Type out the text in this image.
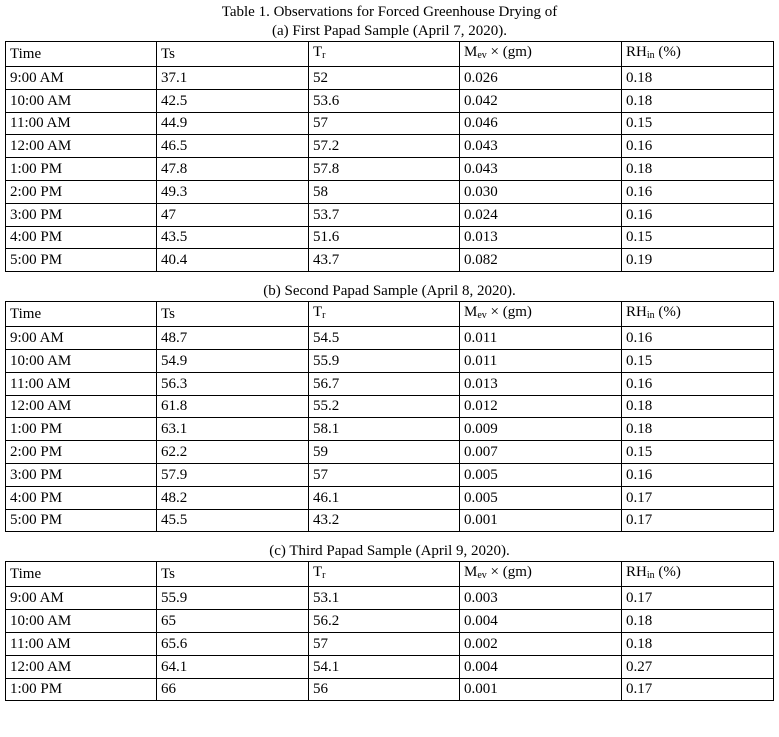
Table 1. Observations for Forced Greenhouse Drying of
(a) First Papad Sample (April 7, 2020).
Time	Ts	$T_r$	$M_{ev} \times (gm)$	$RH_{in}$ (%)
9:00 AM	37.1	52	0.026	0.18
10:00 AM	42.5	53.6	0.042	0.18
11:00 AM	44.9	57	0.046	0.15
12:00 AM	46.5	57.2	0.043	0.16
1:00 PM	47.8	57.8	0.043	0.18
2:00 PM	49.3	58	0.030	0.16
3:00 PM	47	53.7	0.024	0.16
4:00 PM	43.5	51.6	0.013	0.15
5:00 PM	40.4	43.7	0.082	0.19
(b) Second Papad Sample (April 8, 2020).
Time	Ts	$T_r$	$M_{ev} \times (gm)$	$RH_{in}$ (%)
9:00 AM	48.7	54.5	0.011	0.16
10:00 AM	54.9	55.9	0.011	0.15
11:00 AM	56.3	56.7	0.013	0.16
12:00 AM	61.8	55.2	0.012	0.18
1:00 PM	63.1	58.1	0.009	0.18
2:00 PM	62.2	59	0.007	0.15
3:00 PM	57.9	57	0.005	0.16
4:00 PM	48.2	46.1	0.005	0.17
5:00 PM	45.5	43.2	0.001	0.17
(c) Third Papad Sample (April 9, 2020).
Time	Ts	$T_r$	$M_{ev} \times (gm)$	$RH_{in}$ (%)
9:00 AM	55.9	53.1	0.003	0.17
10:00 AM	65	56.2	0.004	0.18
11:00 AM	65.6	57	0.002	0.18
12:00 AM	64.1	54.1	0.004	0.27
1:00 PM	66	56	0.001	0.17
